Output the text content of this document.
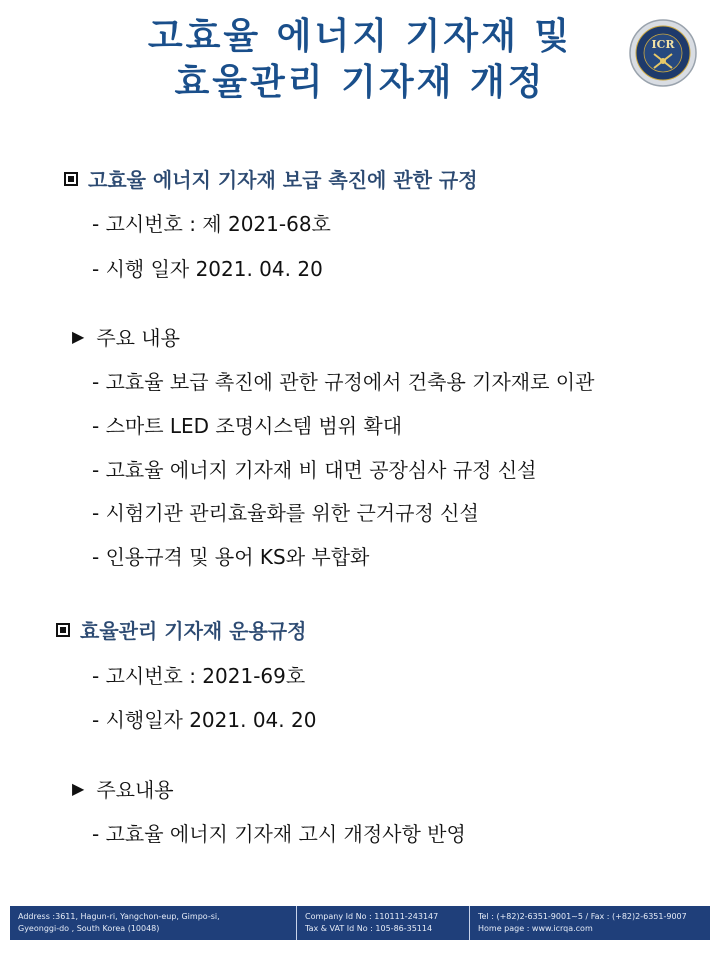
고효율 에너지 기자재 및
효율관리 기자재 개정
ICR
고효율 에너지 기자재 보급 촉진에 관한 규정
- 고시번호 : 제 2021-68호
- 시행 일자 2021. 04. 20
▶ 주요 내용
- 고효율 보급 촉진에 관한 규정에서 건축용 기자재로 이관
- 스마트 LED 조명시스템 범위 확대
- 고효율 에너지 기자재 비 대면 공장심사 규정 신설
- 시험기관 관리효율화를 위한 근거규정 신설
- 인용규격 및 용어 KS와 부합화
효율관리 기자재 운용규정
- 고시번호 : 2021-69호
- 시행일자 2021. 04. 20
▶ 주요내용
- 고효율 에너지 기자재 고시 개정사항 반영
Address :3611, Hagun-ri, Yangchon-eup, Gimpo-si,
Gyeonggi-do , South Korea (10048)
Company Id No : 110111-243147
Tax & VAT Id No : 105-86-35114
Tel : (+82)2-6351-9001~5 / Fax : (+82)2-6351-9007
Home page : www.icrqa.com
